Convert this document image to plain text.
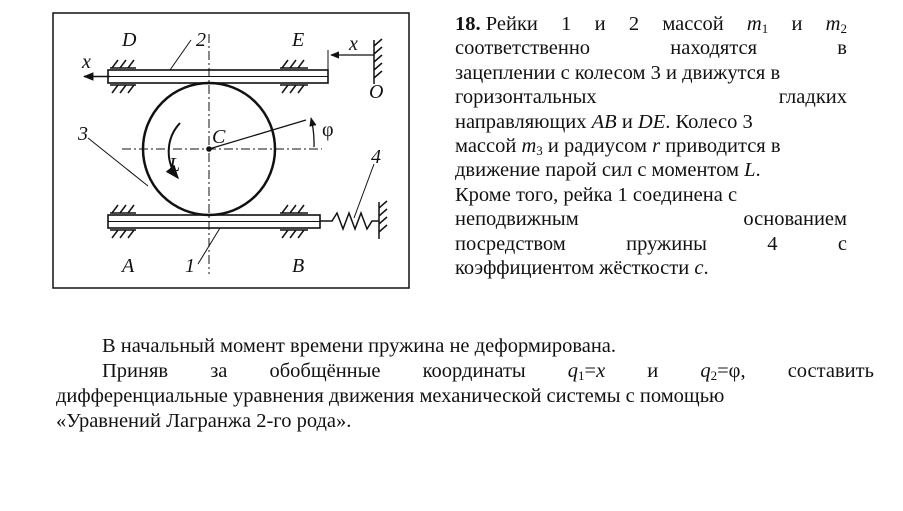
D	2	E x
x
O
3	C	φ
L	4
A	1	B
18. Рейки 1 и 2 массой $m_1$ и $m_2$
соответственно	находятся	в
зацеплении с колесом 3 и движутся в
горизонтальных	гладких
направляющих AB и DE. Колесо 3
массой $m_3$ и радиусом r приводится в
движение парой сил с моментом L.
Кроме того, рейка 1 соединена с
неподвижным	основанием
посредством	пружины	4	с
коэффициентом жёсткости c.
В начальный момент времени пружина не деформирована.
Приняв за обобщённые координаты $q_1=x$ и $q_2=\varphi$, составить
дифференциальные уравнения движения механической системы с помощью
«Уравнений Лагранжа 2-го рода».
